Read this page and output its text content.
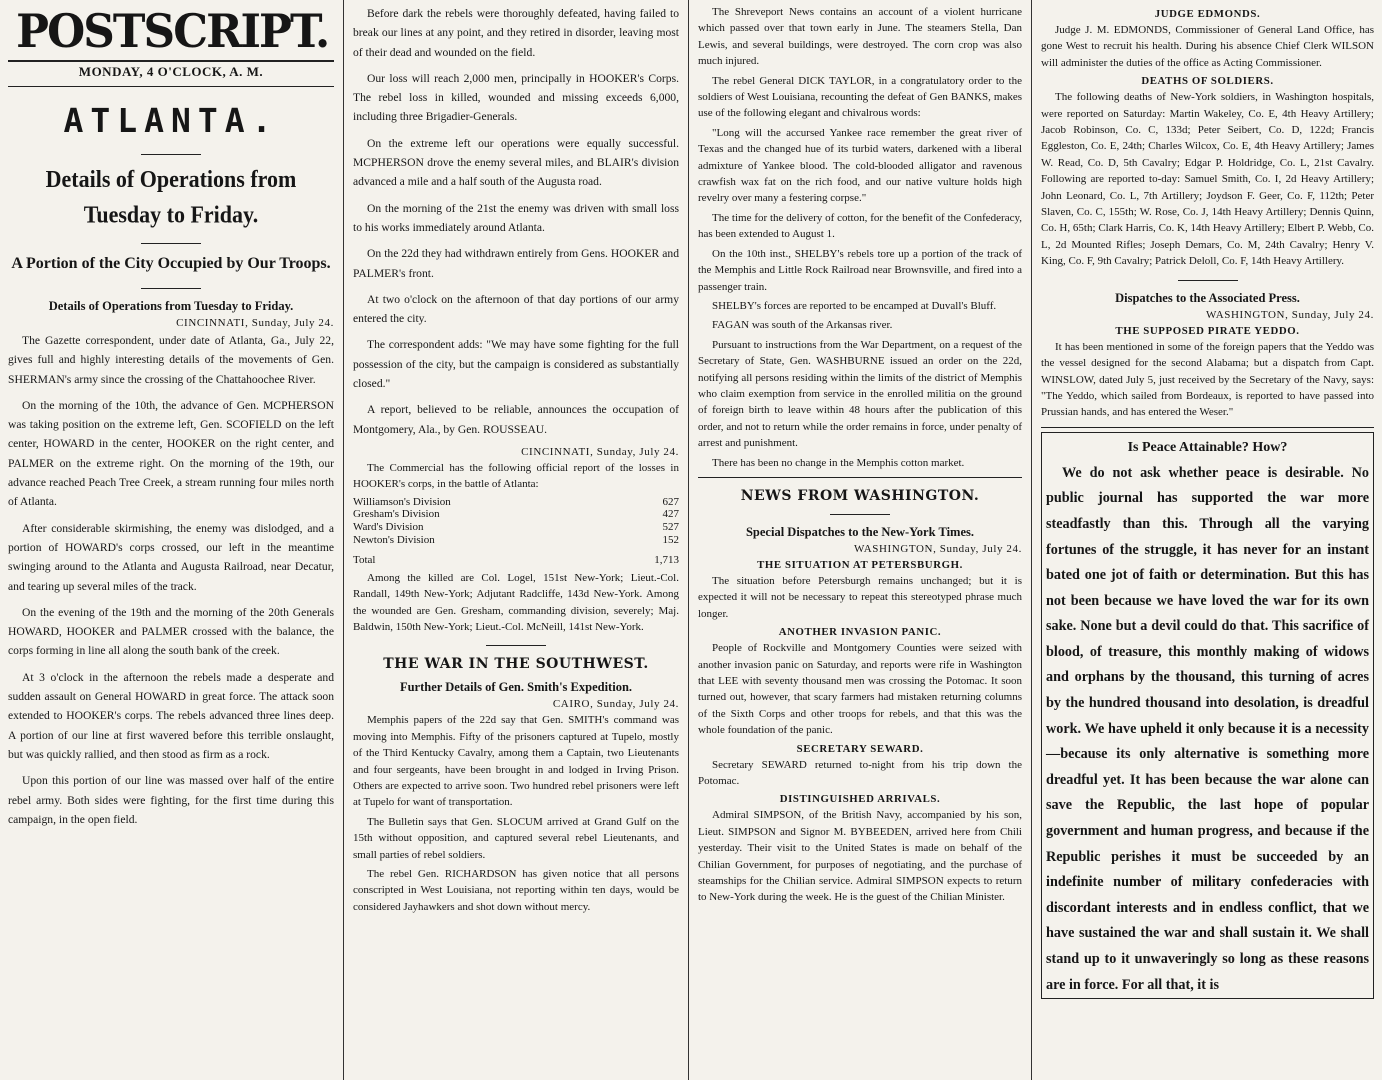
POSTSCRIPT.
MONDAY, 4 O'CLOCK, A. M.
ATLANTA.
Details of Operations from Tuesday to Friday.
A Portion of the City Occupied by Our Troops.
Details of Operations from Tuesday to Friday.
CINCINNATI, Sunday, July 24.

The Gazette correspondent, under date of Atlanta, Ga., July 22, gives full and highly interesting details of the movements of Gen. SHERMAN's army since the crossing of the Chattahoochee River.

On the morning of the 10th, the advance of Gen. MCPHERSON was taking position on the extreme left, Gen. SCOFIELD on the left center, HOWARD in the center, HOOKER on the right center, and PALMER on the extreme right. On the morning of the 19th, our advance reached Peach Tree Creek, a stream running four miles north of Atlanta.

After considerable skirmishing, the enemy was dislodged, and a portion of HOWARD's corps crossed, our left in the meantime swinging around to the Atlanta and Augusta Railroad, near Decatur, and tearing up several miles of the track.

On the evening of the 19th and the morning of the 20th Generals HOWARD, HOOKER and PALMER crossed with the balance, the corps forming in line all along the south bank of the creek.

At 3 o'clock in the afternoon the rebels made a desperate and sudden assault on General HOWARD in great force. The attack soon extended to HOOKER's corps. The rebels advanced three lines deep. A portion of our line at first wavered before this terrible onslaught, but was quickly rallied, and then stood as firm as a rock.

Upon this portion of our line was massed over half of the entire rebel army. Both sides were fighting, for the first time during this campaign, in the open field.

Before dark the rebels were thoroughly defeated, having failed to break our lines at any point, and they retired in disorder, leaving most of their dead and wounded on the field.

Our loss will reach 2,000 men, principally in HOOKER's Corps. The rebel loss in killed, wounded and missing exceeds 6,000, including three Brigadier-Generals.

On the extreme left our operations were equally successful. MCPHERSON drove the enemy several miles, and BLAIR's division advanced a mile and a half south of the Augusta road.

On the morning of the 21st the enemy was driven with small loss to his works immediately around Atlanta.

On the 22d they had withdrawn entirely from Gens. HOOKER and PALMER's front.

At two o'clock on the afternoon of that day portions of our army entered the city.

The correspondent adds: "We may have some fighting for the full possession of the city, but the campaign is considered as substantially closed."

A report, believed to be reliable, announces the occupation of Montgomery, Ala., by Gen. ROUSSEAU.

CINCINNATI, Sunday, July 24.

The Commercial has the following official report of the losses in HOOKER's corps, in the battle of Atlanta:

Williamson's Division	627
Gresham's Division	427
Ward's Division	527
Newton's Division	152
Total	1,713

Among the killed are Col. Logel, 151st New-York; Lieut.-Col. Randall, 149th New-York; Adjutant Radcliffe, 143d New-York. Among the wounded are Gen. Gresham, commanding division, severely; Maj. Baldwin, 150th New-York; Lieut.-Col. McNeill, 141st New-York.

THE WAR IN THE SOUTHWEST.
Further Details of Gen. Smith's Expedition.
CAIRO, Sunday, July 24.

Memphis papers of the 22d say that Gen. SMITH's command was moving into Memphis. Fifty of the prisoners captured at Tupelo, mostly of the Third Kentucky Cavalry, among them a Captain, two Lieutenants and four sergeants, have been brought in and lodged in Irving Prison. Others are expected to arrive soon. Two hundred rebel prisoners were left at Tupelo for want of transportation.

The Bulletin says that Gen. SLOCUM arrived at Grand Gulf on the 15th without opposition, and captured several rebel Lieutenants, and small parties of rebel soldiers.

The rebel Gen. RICHARDSON has given notice that all persons conscripted in West Louisiana, not reporting within ten days, would be considered Jayhawkers and shot down without mercy.

The Shreveport News contains an account of a violent hurricane which passed over that town early in June. The steamers Stella, Dan Lewis, and several buildings, were destroyed. The corn crop was also much injured.

The rebel General DICK TAYLOR, in a congratulatory order to the soldiers of West Louisiana, recounting the defeat of Gen BANKS, makes use of the following elegant and chivalrous words:

"Long will the accursed Yankee race remember the great river of Texas and the changed hue of its turbid waters, darkened with a liberal admixture of Yankee blood. The cold-blooded alligator and ravenous crawfish wax fat on the rich food, and our native vulture holds high revelry over many a festering corpse."

The time for the delivery of cotton, for the benefit of the Confederacy, has been extended to August 1.

On the 10th inst., SHELBY's rebels tore up a portion of the track of the Memphis and Little Rock Railroad near Brownsville, and fired into a passenger train.

SHELBY's forces are reported to be encamped at Duvall's Bluff.

FAGAN was south of the Arkansas river.

Pursuant to instructions from the War Department, on a request of the Secretary of State, Gen. WASHBURNE issued an order on the 22d, notifying all persons residing within the limits of the district of Memphis who claim exemption from service in the enrolled militia on the ground of foreign birth to leave within 48 hours after the publication of this order, and not to return while the order remains in force, under penalty of arrest and punishment.

There has been no change in the Memphis cotton market.

NEWS FROM WASHINGTON.
Special Dispatches to the New-York Times.
WASHINGTON, Sunday, July 24.
THE SITUATION AT PETERSBURGH.

The situation before Petersburgh remains unchanged; but it is expected it will not be necessary to repeat this stereotyped phrase much longer.

ANOTHER INVASION PANIC.

People of Rockville and Montgomery Counties were seized with another invasion panic on Saturday, and reports were rife in Washington that LEE with seventy thousand men was crossing the Potomac. It soon turned out, however, that scary farmers had mistaken returning columns of the Sixth Corps and other troops for rebels, and that this was the whole foundation of the panic.

SECRETARY SEWARD.

Secretary SEWARD returned to-night from his trip down the Potomac.

DISTINGUISHED ARRIVALS.

Admiral SIMPSON, of the British Navy, accompanied by his son, Lieut. SIMPSON and Signor M. BYBEEDEN, arrived here from Chili yesterday. Their visit to the United States is made on behalf of the Chilian Government, for purposes of negotiating, and the purchase of steamships for the Chilian service. Admiral SIMPSON expects to return to New-York during the week. He is the guest of the Chilian Minister.

JUDGE EDMONDS.

Judge J. M. EDMONDS, Commissioner of General Land Office, has gone West to recruit his health. During his absence Chief Clerk WILSON will administer the duties of the office as Acting Commissioner.

DEATHS OF SOLDIERS.

The following deaths of New-York soldiers, in Washington hospitals, were reported on Saturday: Martin Wakeley, Co. E, 4th Heavy Artillery; Jacob Robinson, Co. C, 133d; Peter Seibert, Co. D, 122d; Francis Eggleston, Co. E, 24th; Charles Wilcox, Co. E, 4th Heavy Artillery; James W. Read, Co. D, 5th Cavalry; Edgar P. Holdridge, Co. L, 21st Cavalry. Following are reported to-day: Samuel Smith, Co. I, 2d Heavy Artillery; John Leonard, Co. L, 7th Artillery; Joydson F. Geer, Co. F, 112th; Peter Slaven, Co. C, 155th; W. Rose, Co. J, 14th Heavy Artillery; Dennis Quinn, Co. H, 65th; Clark Harris, Co. K, 14th Heavy Artillery; Elbert P. Webb, Co. L, 2d Mounted Rifles; Joseph Demars, Co. M, 24th Cavalry; Henry V. King, Co. F, 9th Cavalry; Patrick Deloll, Co. F, 14th Heavy Artillery.

Dispatches to the Associated Press.
WASHINGTON, Sunday, July 24.
THE SUPPOSED PIRATE YEDDO.

It has been mentioned in some of the foreign papers that the Yeddo was the vessel designed for the second Alabama; but a dispatch from Capt. WINSLOW, dated July 5, just received by the Secretary of the Navy, says: "The Yeddo, which sailed from Bordeaux, is reported to have passed into Prussian hands, and has entered the Weser."

Is Peace Attainable? How?

We do not ask whether peace is desirable. No public journal has supported the war more steadfastly than this. Through all the varying fortunes of the struggle, it has never for an instant bated one jot of faith or determination. But this has not been because we have loved the war for its own sake. None but a devil could do that. This sacrifice of blood, of treasure, this monthly making of widows and orphans by the thousand, this turning of acres by the hundred thousand into desolation, is dreadful work. We have upheld it only because it is a necessity—because its only alternative is something more dreadful yet. It has been because the war alone can save the Republic, the last hope of popular government and human progress, and because if the Republic perishes it must be succeeded by an indefinite number of military confederacies with discordant interests and in endless conflict, that we have sustained the war and shall sustain it. We shall stand up to it unwaveringly so long as these reasons are in force. For all that, it is
